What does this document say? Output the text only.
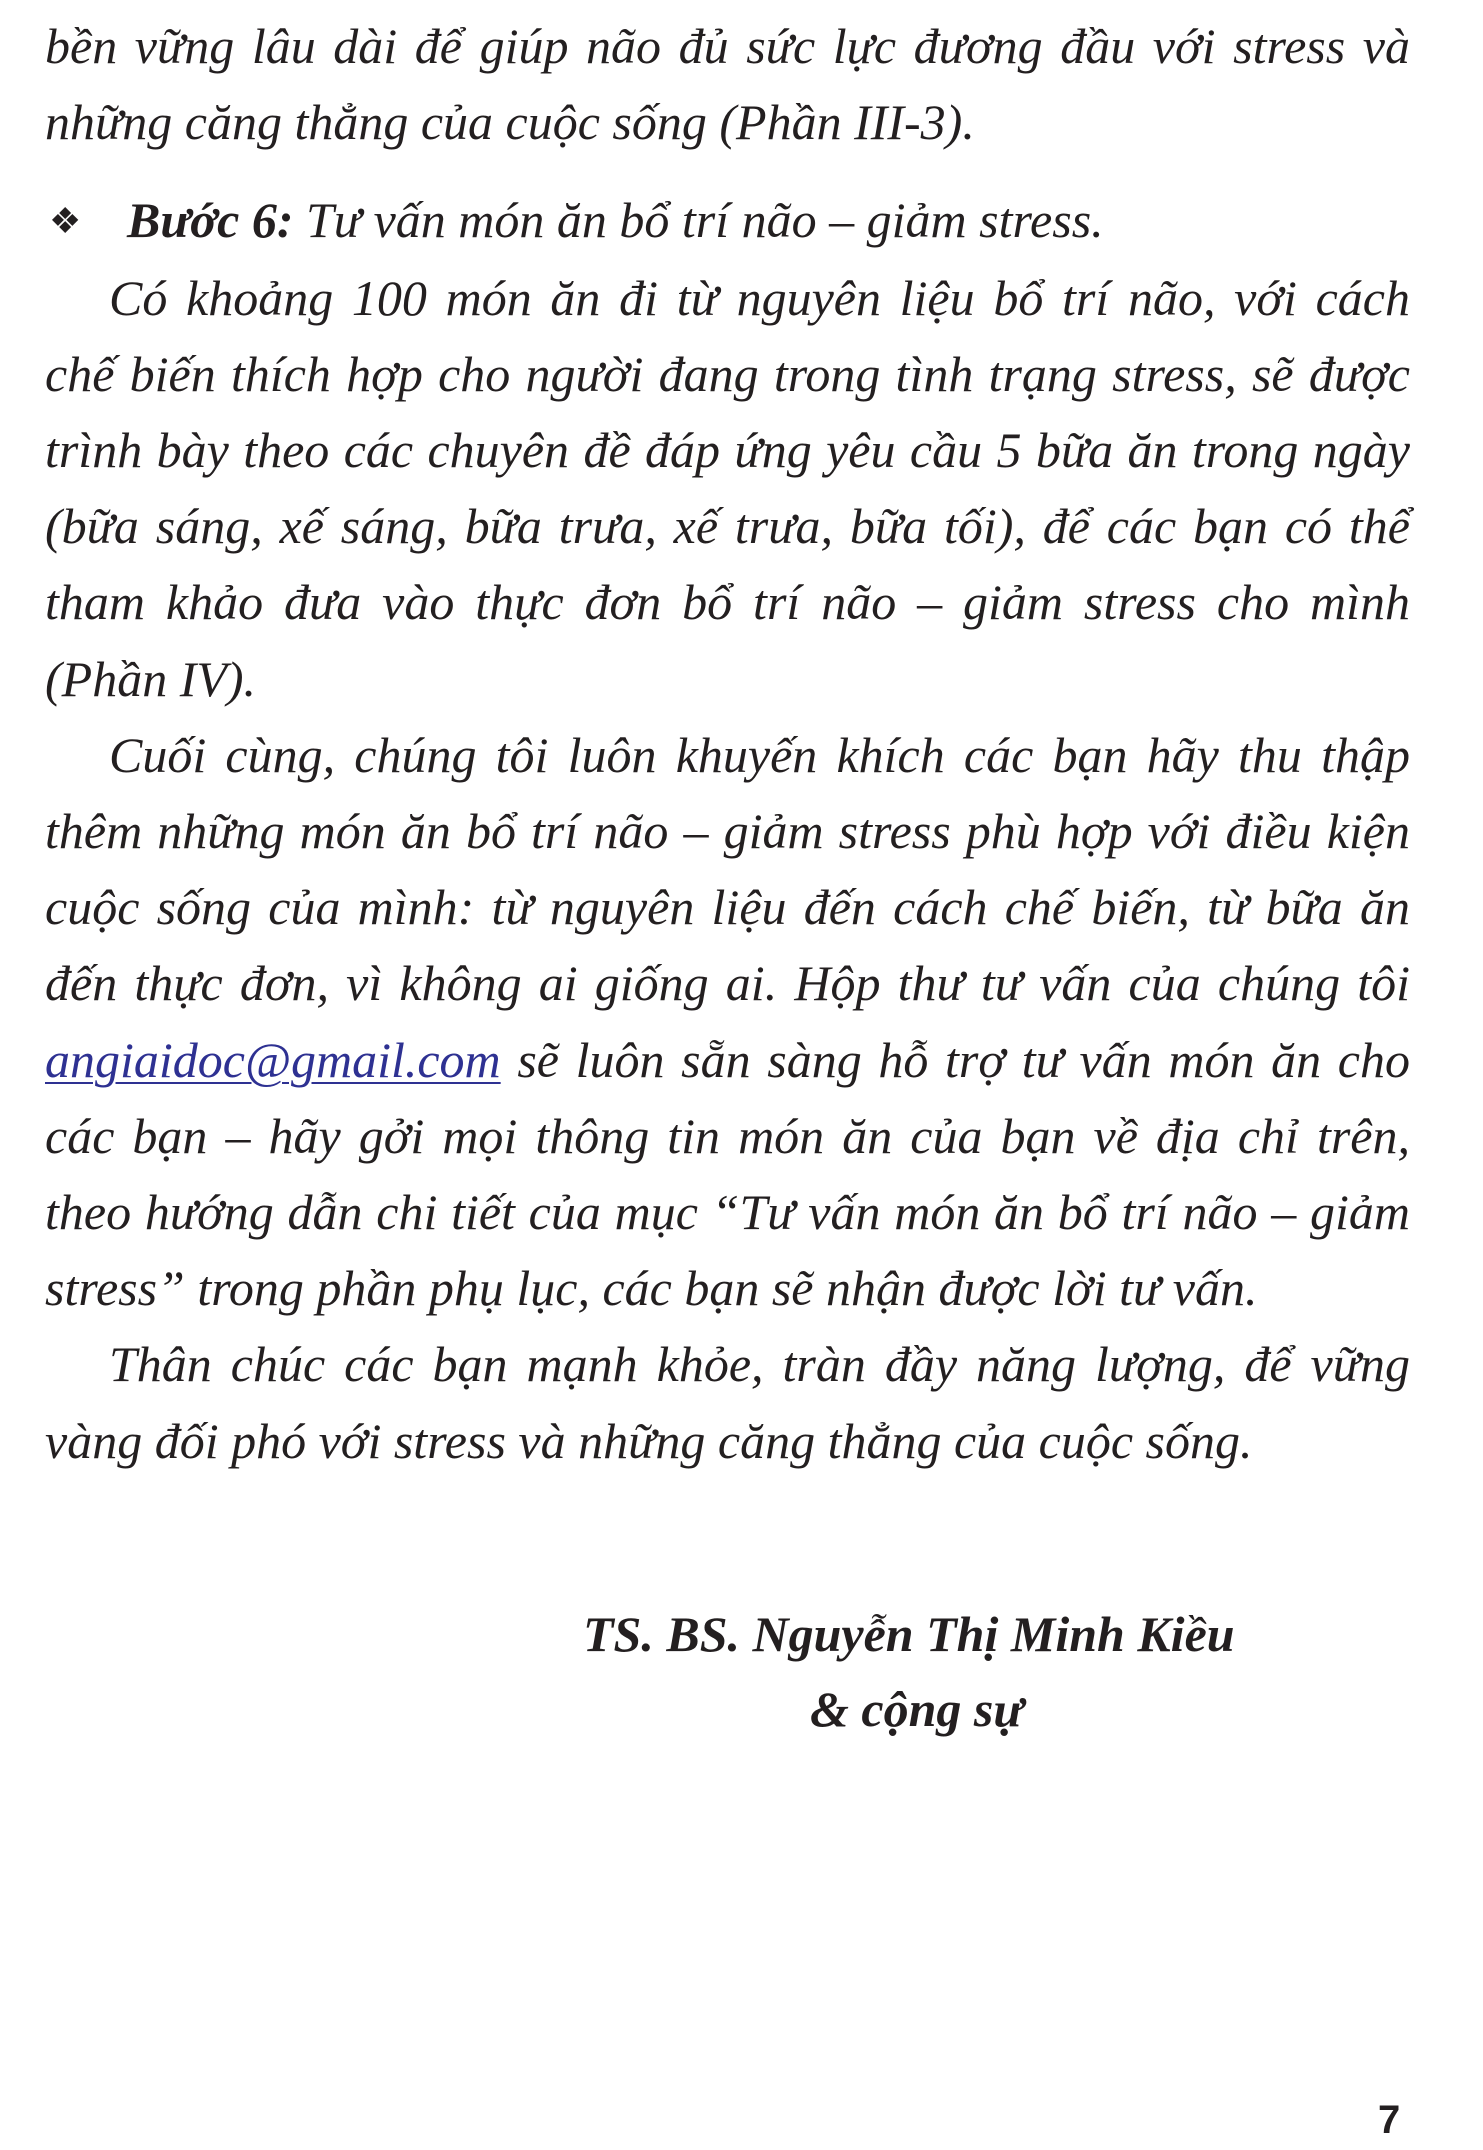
bền vững lâu dài để giúp não đủ sức lực đương đầu với stress và những căng thẳng của cuộc sống (Phần III-3).

❖ Bước 6: Tư vấn món ăn bổ trí não – giảm stress.

Có khoảng 100 món ăn đi từ nguyên liệu bổ trí não, với cách chế biến thích hợp cho người đang trong tình trạng stress, sẽ được trình bày theo các chuyên đề đáp ứng yêu cầu 5 bữa ăn trong ngày (bữa sáng, xế sáng, bữa trưa, xế trưa, bữa tối), để các bạn có thể tham khảo đưa vào thực đơn bổ trí não – giảm stress cho mình (Phần IV).

Cuối cùng, chúng tôi luôn khuyến khích các bạn hãy thu thập thêm những món ăn bổ trí não – giảm stress phù hợp với điều kiện cuộc sống của mình: từ nguyên liệu đến cách chế biến, từ bữa ăn đến thực đơn, vì không ai giống ai. Hộp thư tư vấn của chúng tôi angiaidoc@gmail.com sẽ luôn sẵn sàng hỗ trợ tư vấn món ăn cho các bạn – hãy gởi mọi thông tin món ăn của bạn về địa chỉ trên, theo hướng dẫn chi tiết của mục “Tư vấn món ăn bổ trí não – giảm stress” trong phần phụ lục, các bạn sẽ nhận được lời tư vấn.

Thân chúc các bạn mạnh khỏe, tràn đầy năng lượng, để vững vàng đối phó với stress và những căng thẳng của cuộc sống.

TS. BS. Nguyễn Thị Minh Kiều

& cộng sự

7
